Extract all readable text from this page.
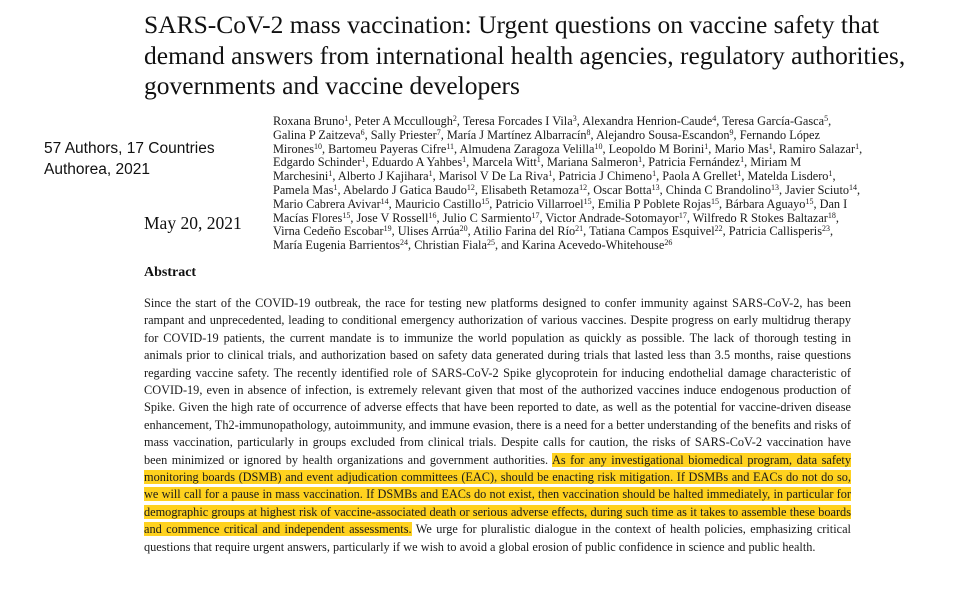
SARS-CoV-2 mass vaccination: Urgent questions on vaccine safety that demand answers from international health agencies, regulatory authorities, governments and vaccine developers
57 Authors, 17 Countries
Authorea, 2021
May 20, 2021
Abstract

Roxana Bruno$^1$, Peter A Mccullough$^2$, Teresa Forcades I Vila$^3$, Alexandra Henrion-Caude$^4$, Teresa García-Gasca$^5$, Galina P Zaitzeva$^6$, Sally Priester$^7$, María J Martínez Albarracín$^8$, Alejandro Sousa-Escandon$^9$, Fernando López Mirones$^{10}$, Bartomeu Payeras Cifre$^{11}$, Almudena Zaragoza Velilla$^{10}$, Leopoldo M Borini$^1$, Mario Mas$^1$, Ramiro Salazar$^1$, Edgardo Schinder$^1$, Eduardo A Yahbes$^1$, Marcela Witt$^1$, Mariana Salmeron$^1$, Patricia Fernández$^1$, Miriam M Marchesini$^1$, Alberto J Kajihara$^1$, Marisol V De La Riva$^1$, Patricia J Chimeno$^1$, Paola A Grellet$^1$, Matelda Lisdero$^1$, Pamela Mas$^1$, Abelardo J Gatica Baudo$^{12}$, Elisabeth Retamoza$^{12}$, Oscar Botta$^{13}$, Chinda C Brandolino$^{13}$, Javier Sciuto$^{14}$, Mario Cabrera Avivar$^{14}$, Mauricio Castillo$^{15}$, Patricio Villarroel$^{15}$, Emilia P Poblete Rojas$^{15}$, Bárbara Aguayo$^{15}$, Dan I Macías Flores$^{15}$, Jose V Rossell$^{16}$, Julio C Sarmiento$^{17}$, Victor Andrade-Sotomayor$^{17}$, Wilfredo R Stokes Baltazar$^{18}$, Virna Cedeño Escobar$^{19}$, Ulises Arrúa$^{20}$, Atilio Farina del Río$^{21}$, Tatiana Campos Esquivel$^{22}$, Patricia Callisperis$^{23}$, María Eugenia Barrientos$^{24}$, Christian Fiala$^{25}$, and Karina Acevedo-Whitehouse$^{26}$

Since the start of the COVID-19 outbreak, the race for testing new platforms designed to confer immunity against SARS-CoV-2, has been rampant and unprecedented, leading to conditional emergency authorization of various vaccines. Despite progress on early multidrug therapy for COVID-19 patients, the current mandate is to immunize the world population as quickly as possible. The lack of thorough testing in animals prior to clinical trials, and authorization based on safety data generated during trials that lasted less than 3.5 months, raise questions regarding vaccine safety. The recently identified role of SARS-CoV-2 Spike glycoprotein for inducing endothelial damage characteristic of COVID-19, even in absence of infection, is extremely relevant given that most of the authorized vaccines induce endogenous production of Spike. Given the high rate of occurrence of adverse effects that have been reported to date, as well as the potential for vaccine-driven disease enhancement, Th2-immunopathology, autoimmunity, and immune evasion, there is a need for a better understanding of the benefits and risks of mass vaccination, particularly in groups excluded from clinical trials. Despite calls for caution, the risks of SARS-CoV-2 vaccination have been minimized or ignored by health organizations and government authorities. As for any investigational biomedical program, data safety monitoring boards (DSMB) and event adjudication committees (EAC), should be enacting risk mitigation. If DSMBs and EACs do not do so, we will call for a pause in mass vaccination. If DSMBs and EACs do not exist, then vaccination should be halted immediately, in particular for demographic groups at highest risk of vaccine-associated death or serious adverse effects, during such time as it takes to assemble these boards and commence critical and independent assessments. We urge for pluralistic dialogue in the context of health policies, emphasizing critical questions that require urgent answers, particularly if we wish to avoid a global erosion of public confidence in science and public health.
